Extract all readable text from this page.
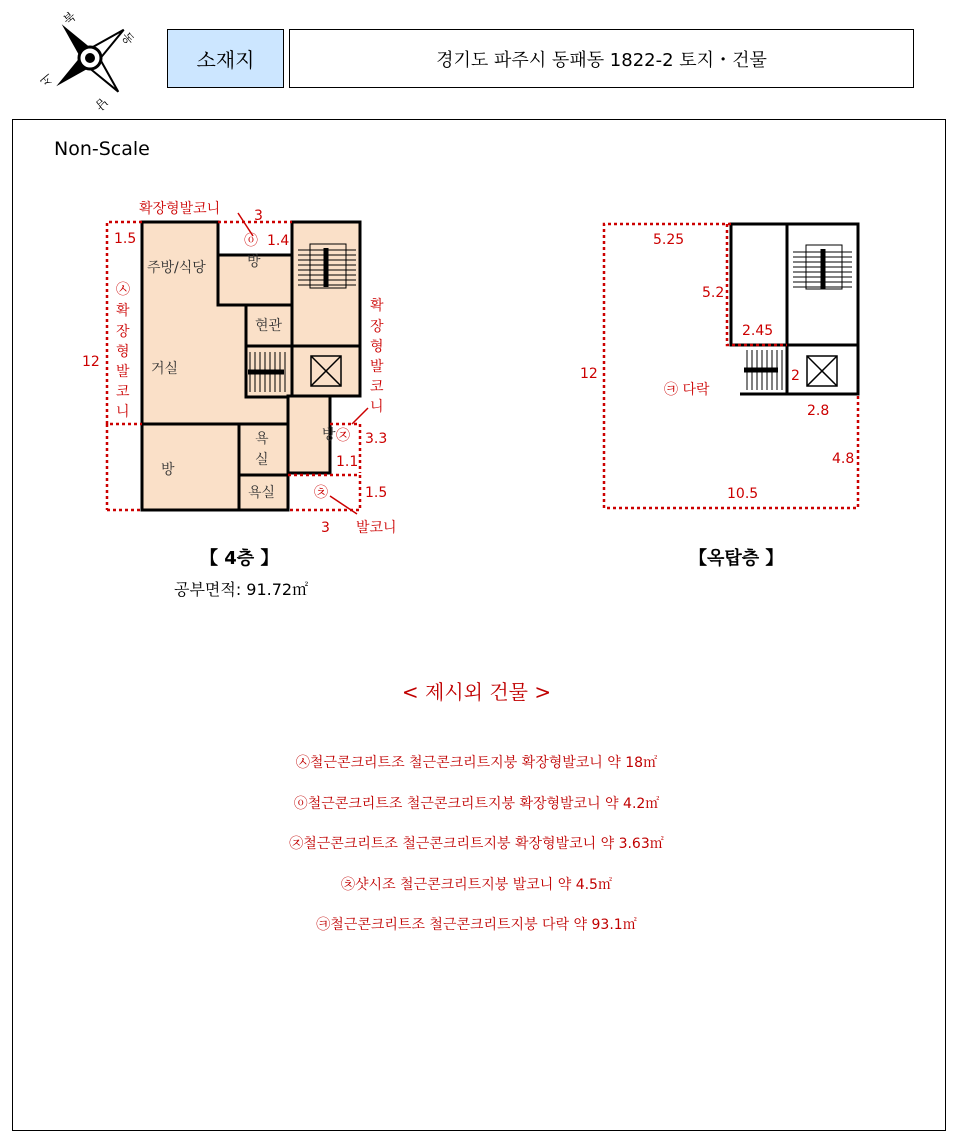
북
동
남
서
소재지	경기도 파주시 동패동 1822-2 토지・건물
Non-Scale
주방/식당	방
현관
거실
방
욕
실
욕실
방
확장형발코니 3
1.5	ⓞ 1.4
12
㉦
확
장
형
발
코
니
확
장
형
발
코
니
㉨ 3.3
1.1
1.5
㉩
3 발코니
5.25
5.2
2.45
12
㉪ 다락
2
2.8
4.8
10.5
【 4층 】
공부면적: 91.72㎡
【옥탑층 】
< 제시외 건물 >
㉦철근콘크리트조 철근콘크리트지붕 확장형발코니 약 18㎡
ⓞ철근콘크리트조 철근콘크리트지붕 확장형발코니 약 4.2㎡
㉨철근콘크리트조 철근콘크리트지붕 확장형발코니 약 3.63㎡
㉩샷시조 철근콘크리트지붕 발코니 약 4.5㎡
㉪철근콘크리트조 철근콘크리트지붕 다락 약 93.1㎡
